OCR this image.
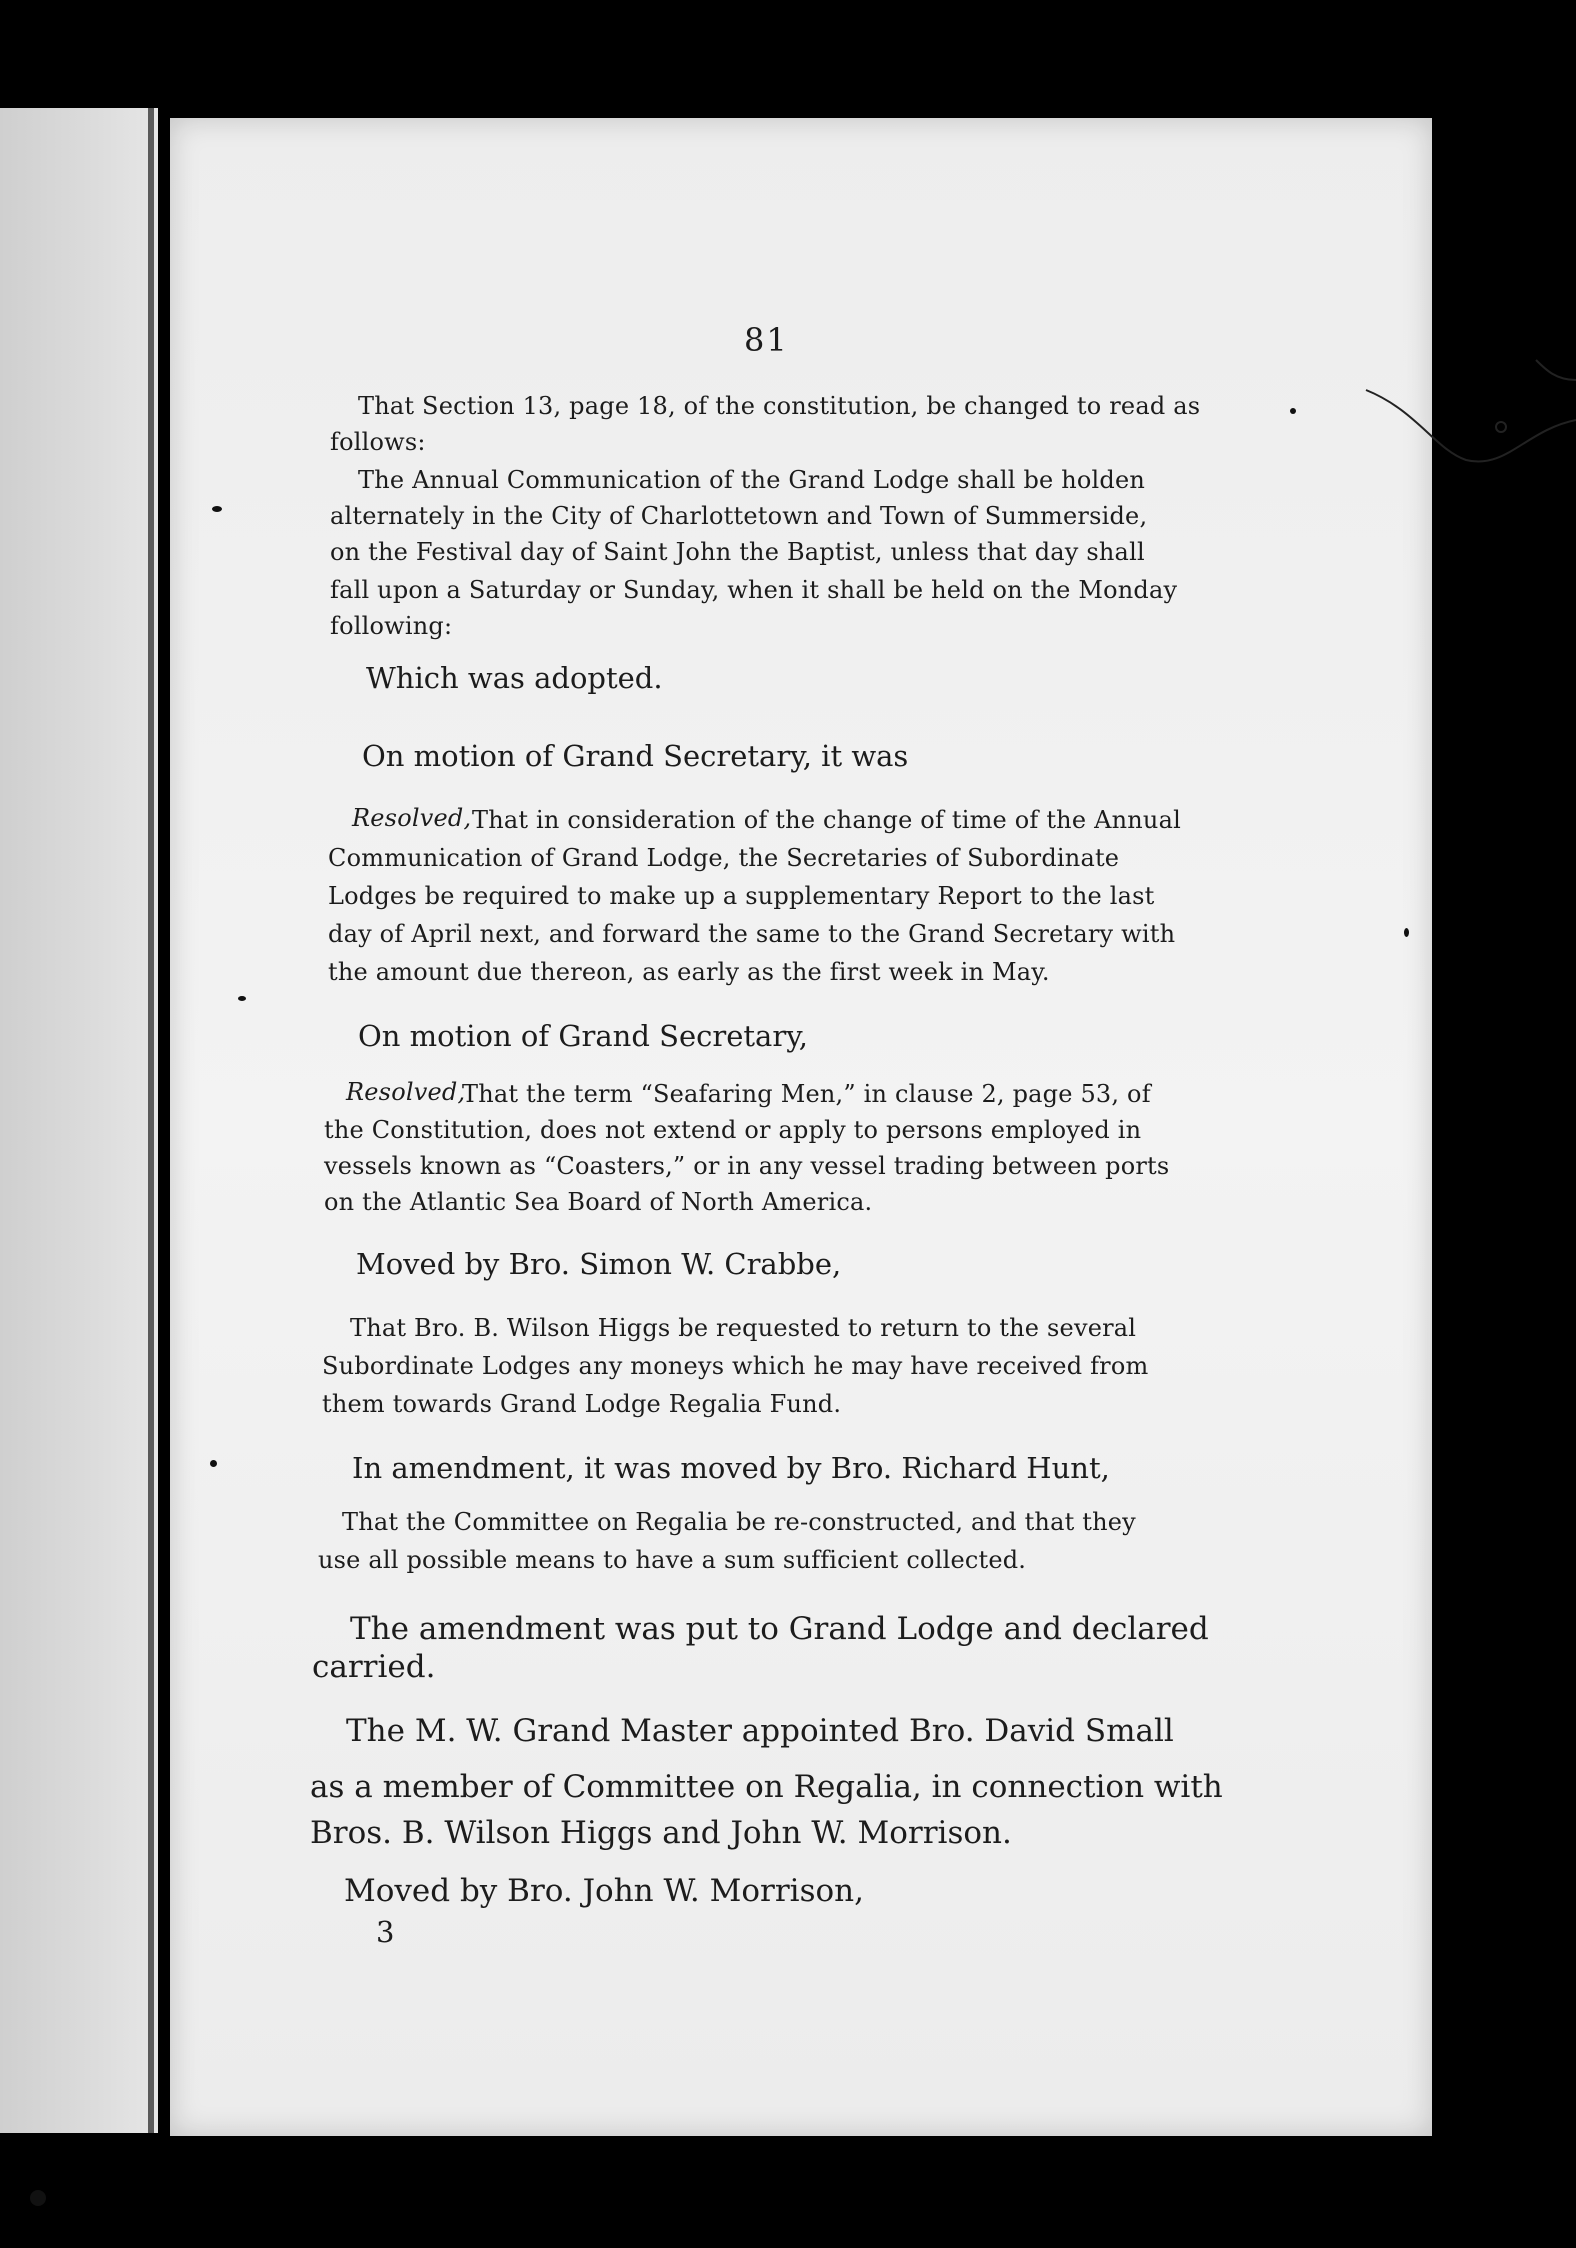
81
That Section 13, page 18, of the constitution, be changed to read as
follows:
The Annual Communication of the Grand Lodge shall be holden
alternately in the City of Charlottetown and Town of Summerside,
on the Festival day of Saint John the Baptist, unless that day shall
fall upon a Saturday or Sunday, when it shall be held on the Monday
following:
Which was adopted.
On motion of Grand Secretary, it was
Resolved, That in consideration of the change of time of the Annual
Communication of Grand Lodge, the Secretaries of Subordinate
Lodges be required to make up a supplementary Report to the last
day of April next, and forward the same to the Grand Secretary with
the amount due thereon, as early as the first week in May.
On motion of Grand Secretary,
Resolved,
That the term “Seafaring Men,” in clause 2, page 53, of
the Constitution, does not extend or apply to persons employed in
vessels known as “Coasters,” or in any vessel trading between ports
on the Atlantic Sea Board of North America.
Moved by Bro. Simon W. Crabbe,
That Bro. B. Wilson Higgs be requested to return to the several
Subordinate Lodges any moneys which he may have received from
them towards Grand Lodge Regalia Fund.
In amendment, it was moved by Bro. Richard Hunt,
That the Committee on Regalia be re-constructed, and that they
use all possible means to have a sum sufficient collected.
The amendment was put to Grand Lodge and declared
carried.
The M. W. Grand Master appointed Bro. David Small
as a member of Committee on Regalia, in connection with
Bros. B. Wilson Higgs and John W. Morrison.
Moved by Bro. John W. Morrison,
3
